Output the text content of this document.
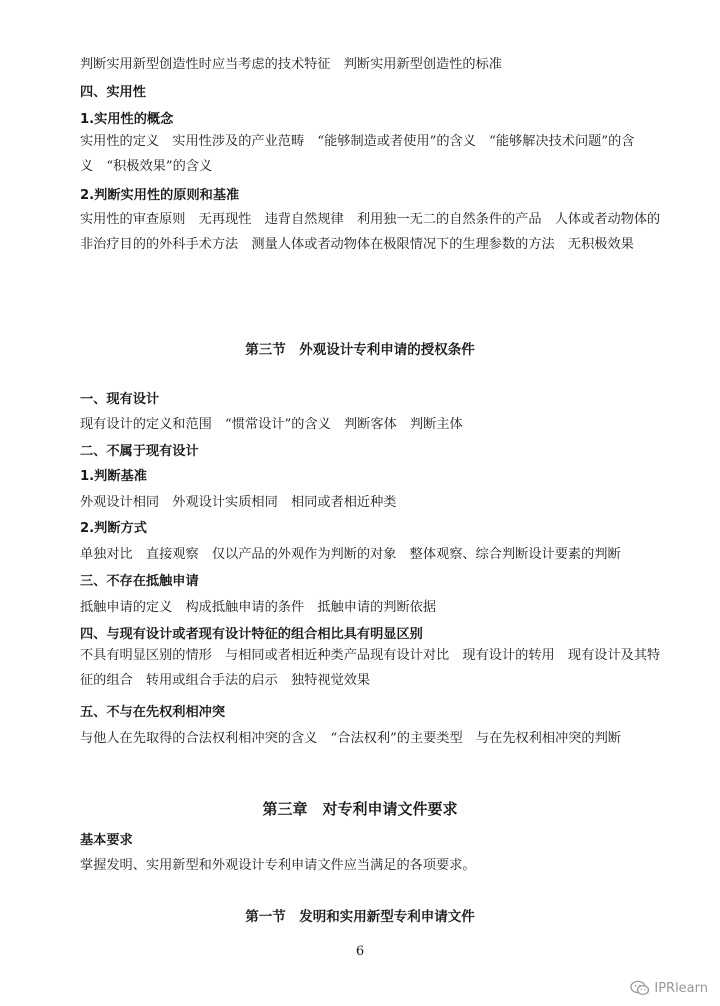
判断实用新型创造性时应当考虑的技术特征　判断实用新型创造性的标准
四、实用性
1.实用性的概念
实用性的定义　实用性涉及的产业范畴　“能够制造或者使用”的含义　“能够解决技术问题”的含义　“积极效果”的含义
2.判断实用性的原则和基准
实用性的审查原则　无再现性　违背自然规律　利用独一无二的自然条件的产品　人体或者动物体的非治疗目的的外科手术方法　测量人体或者动物体在极限情况下的生理参数的方法　无积极效果
第三节　外观设计专利申请的授权条件
一、现有设计
现有设计的定义和范围　“惯常设计”的含义　判断客体　判断主体
二、不属于现有设计
1.判断基准
外观设计相同　外观设计实质相同　相同或者相近种类
2.判断方式
单独对比　直接观察　仅以产品的外观作为判断的对象　整体观察、综合判断设计要素的判断
三、不存在抵触申请
抵触申请的定义　构成抵触申请的条件　抵触申请的判断依据
四、与现有设计或者现有设计特征的组合相比具有明显区别
不具有明显区别的情形　与相同或者相近种类产品现有设计对比　现有设计的转用　现有设计及其特征的组合　转用或组合手法的启示　独特视觉效果
五、不与在先权利相冲突
与他人在先取得的合法权利相冲突的含义　“合法权利”的主要类型　与在先权利相冲突的判断
第三章　对专利申请文件要求
基本要求
掌握发明、实用新型和外观设计专利申请文件应当满足的各项要求。
第一节　发明和实用新型专利申请文件
6
IPRlearn
